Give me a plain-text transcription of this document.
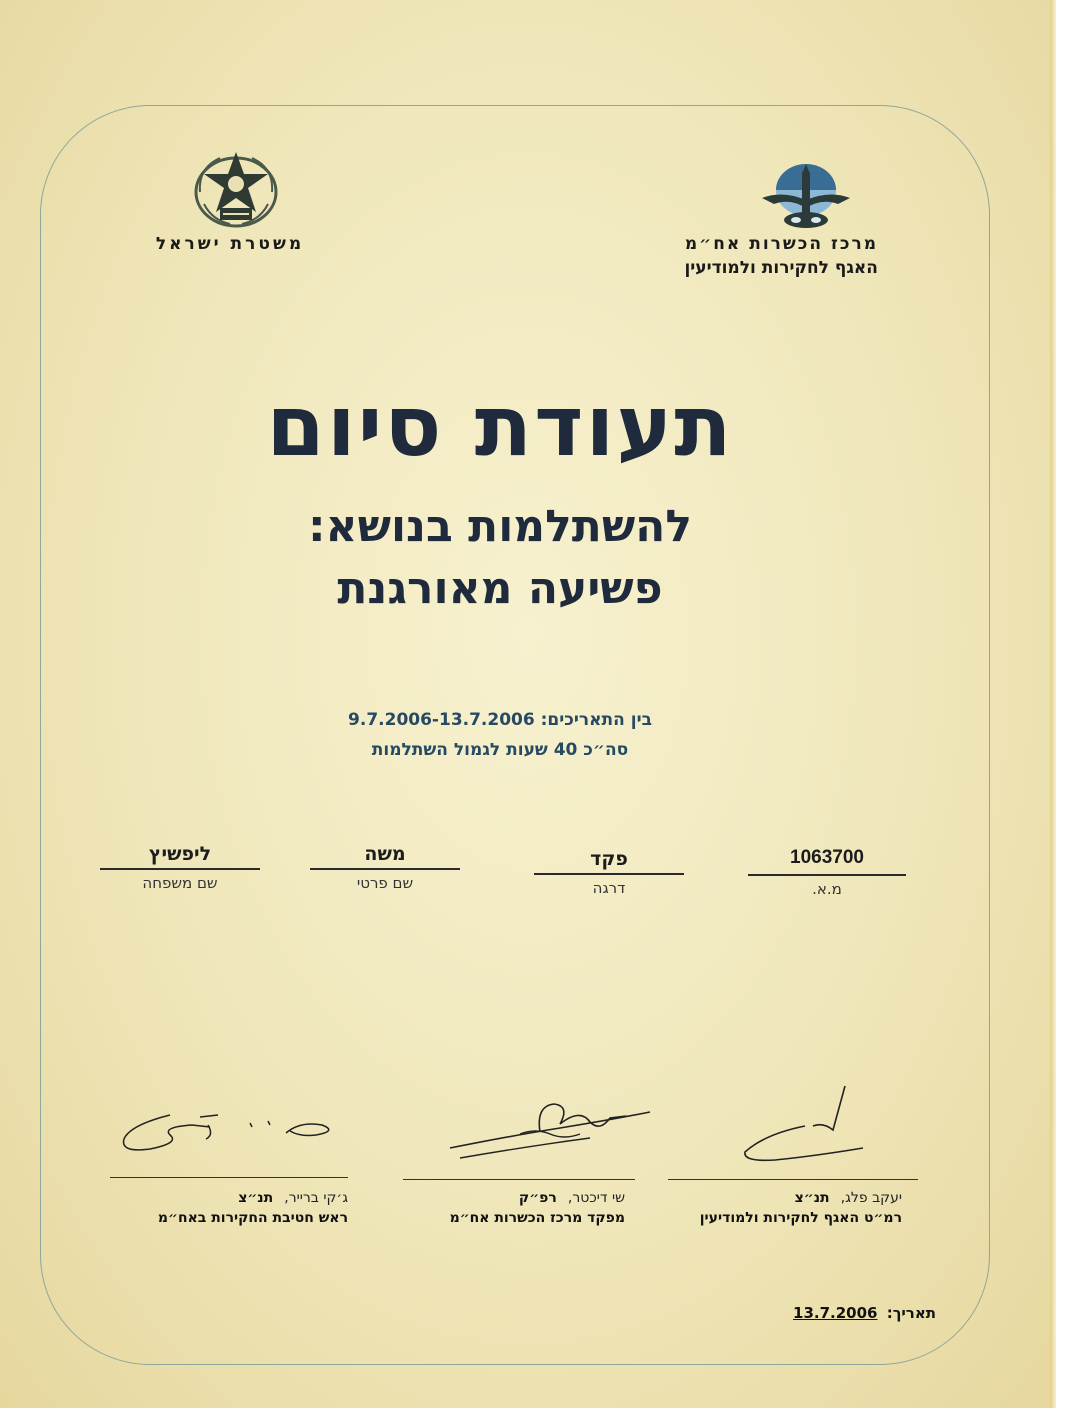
משטרת ישראל	מרכז הכשרות אח״מ
האגף לחקירות ולמודיעין
תעודת סיום
להשתלמות בנושא:
פשיעה מאורגנת
בין התאריכים: 9.7.2006-13.7.2006
סה״כ 40 שעות לגמול השתלמות
ליפשיץ
שם משפחה
משה
שם פרטי
פקד
דרגה
1063700
מ.א.
ג׳קי ברייר, תנ״צ
ראש חטיבת החקירות באח״מ
שי דיכטר, רפ״ק
מפקד מרכז הכשרות אח״מ
יעקב פלג, תנ״צ
רמ״ט האגף לחקירות ולמודיעין
תאריך: 13.7.2006
